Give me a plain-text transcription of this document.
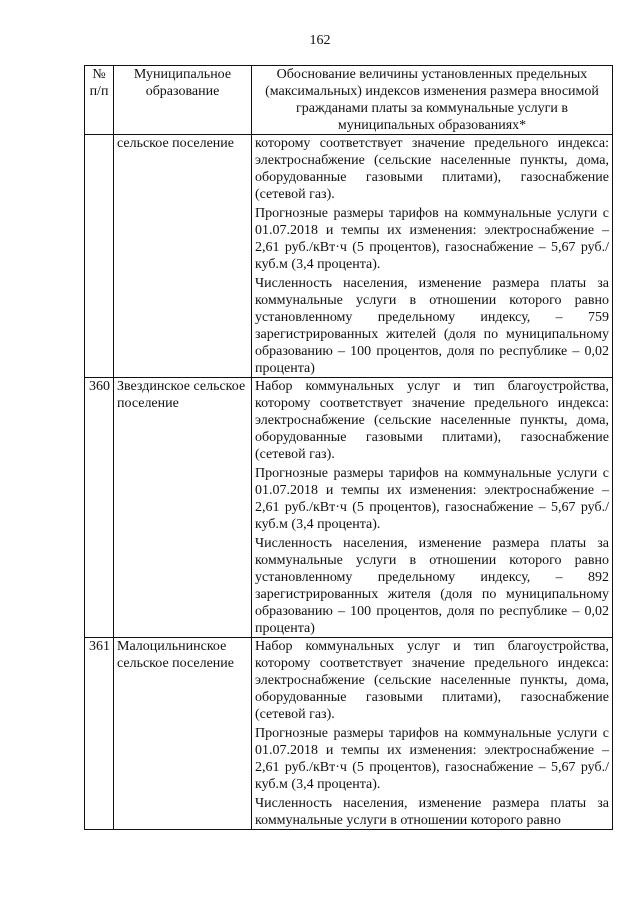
162
№ п/п	Муниципальное образование	Обоснование величины установленных предельных (максимальных) индексов изменения размера вносимой гражданами платы за коммунальные услуги в муниципальных образованиях*
	сельское поселение	которому соответствует значение предельного индекса: электроснабжение (сельские населенные пункты, дома, оборудованные газовыми плитами), газоснабжение (сетевой газ).

Прогнозные размеры тарифов на коммунальные услуги с 01.07.2018 и темпы их изменения: электроснабжение – 2,61 руб./кВт·ч (5 процентов), газоснабжение – 5,67 руб./куб.м (3,4 процента).

Численность населения, изменение размера платы за коммунальные услуги в отношении которого равно установленному предельному индексу, – 759 зарегистрированных жителей (доля по муниципальному образованию – 100 процентов, доля по республике – 0,02 процента)

360	Звездинское сельское поселение	Набор коммунальных услуг и тип благоустройства, которому соответствует значение предельного индекса: электроснабжение (сельские населенные пункты, дома, оборудованные газовыми плитами), газоснабжение (сетевой газ).

Прогнозные размеры тарифов на коммунальные услуги с 01.07.2018 и темпы их изменения: электроснабжение – 2,61 руб./кВт·ч (5 процентов), газоснабжение – 5,67 руб./куб.м (3,4 процента).

Численность населения, изменение размера платы за коммунальные услуги в отношении которого равно установленному предельному индексу, – 892 зарегистрированных жителя (доля по муниципальному образованию – 100 процентов, доля по республике – 0,02 процента)

361	Малоцильнинское сельское поселение	Набор коммунальных услуг и тип благоустройства, которому соответствует значение предельного индекса: электроснабжение (сельские населенные пункты, дома, оборудованные газовыми плитами), газоснабжение (сетевой газ).

Прогнозные размеры тарифов на коммунальные услуги с 01.07.2018 и темпы их изменения: электроснабжение – 2,61 руб./кВт·ч (5 процентов), газоснабжение – 5,67 руб./куб.м (3,4 процента).

Численность населения, изменение размера платы за коммунальные услуги в отношении которого равно
